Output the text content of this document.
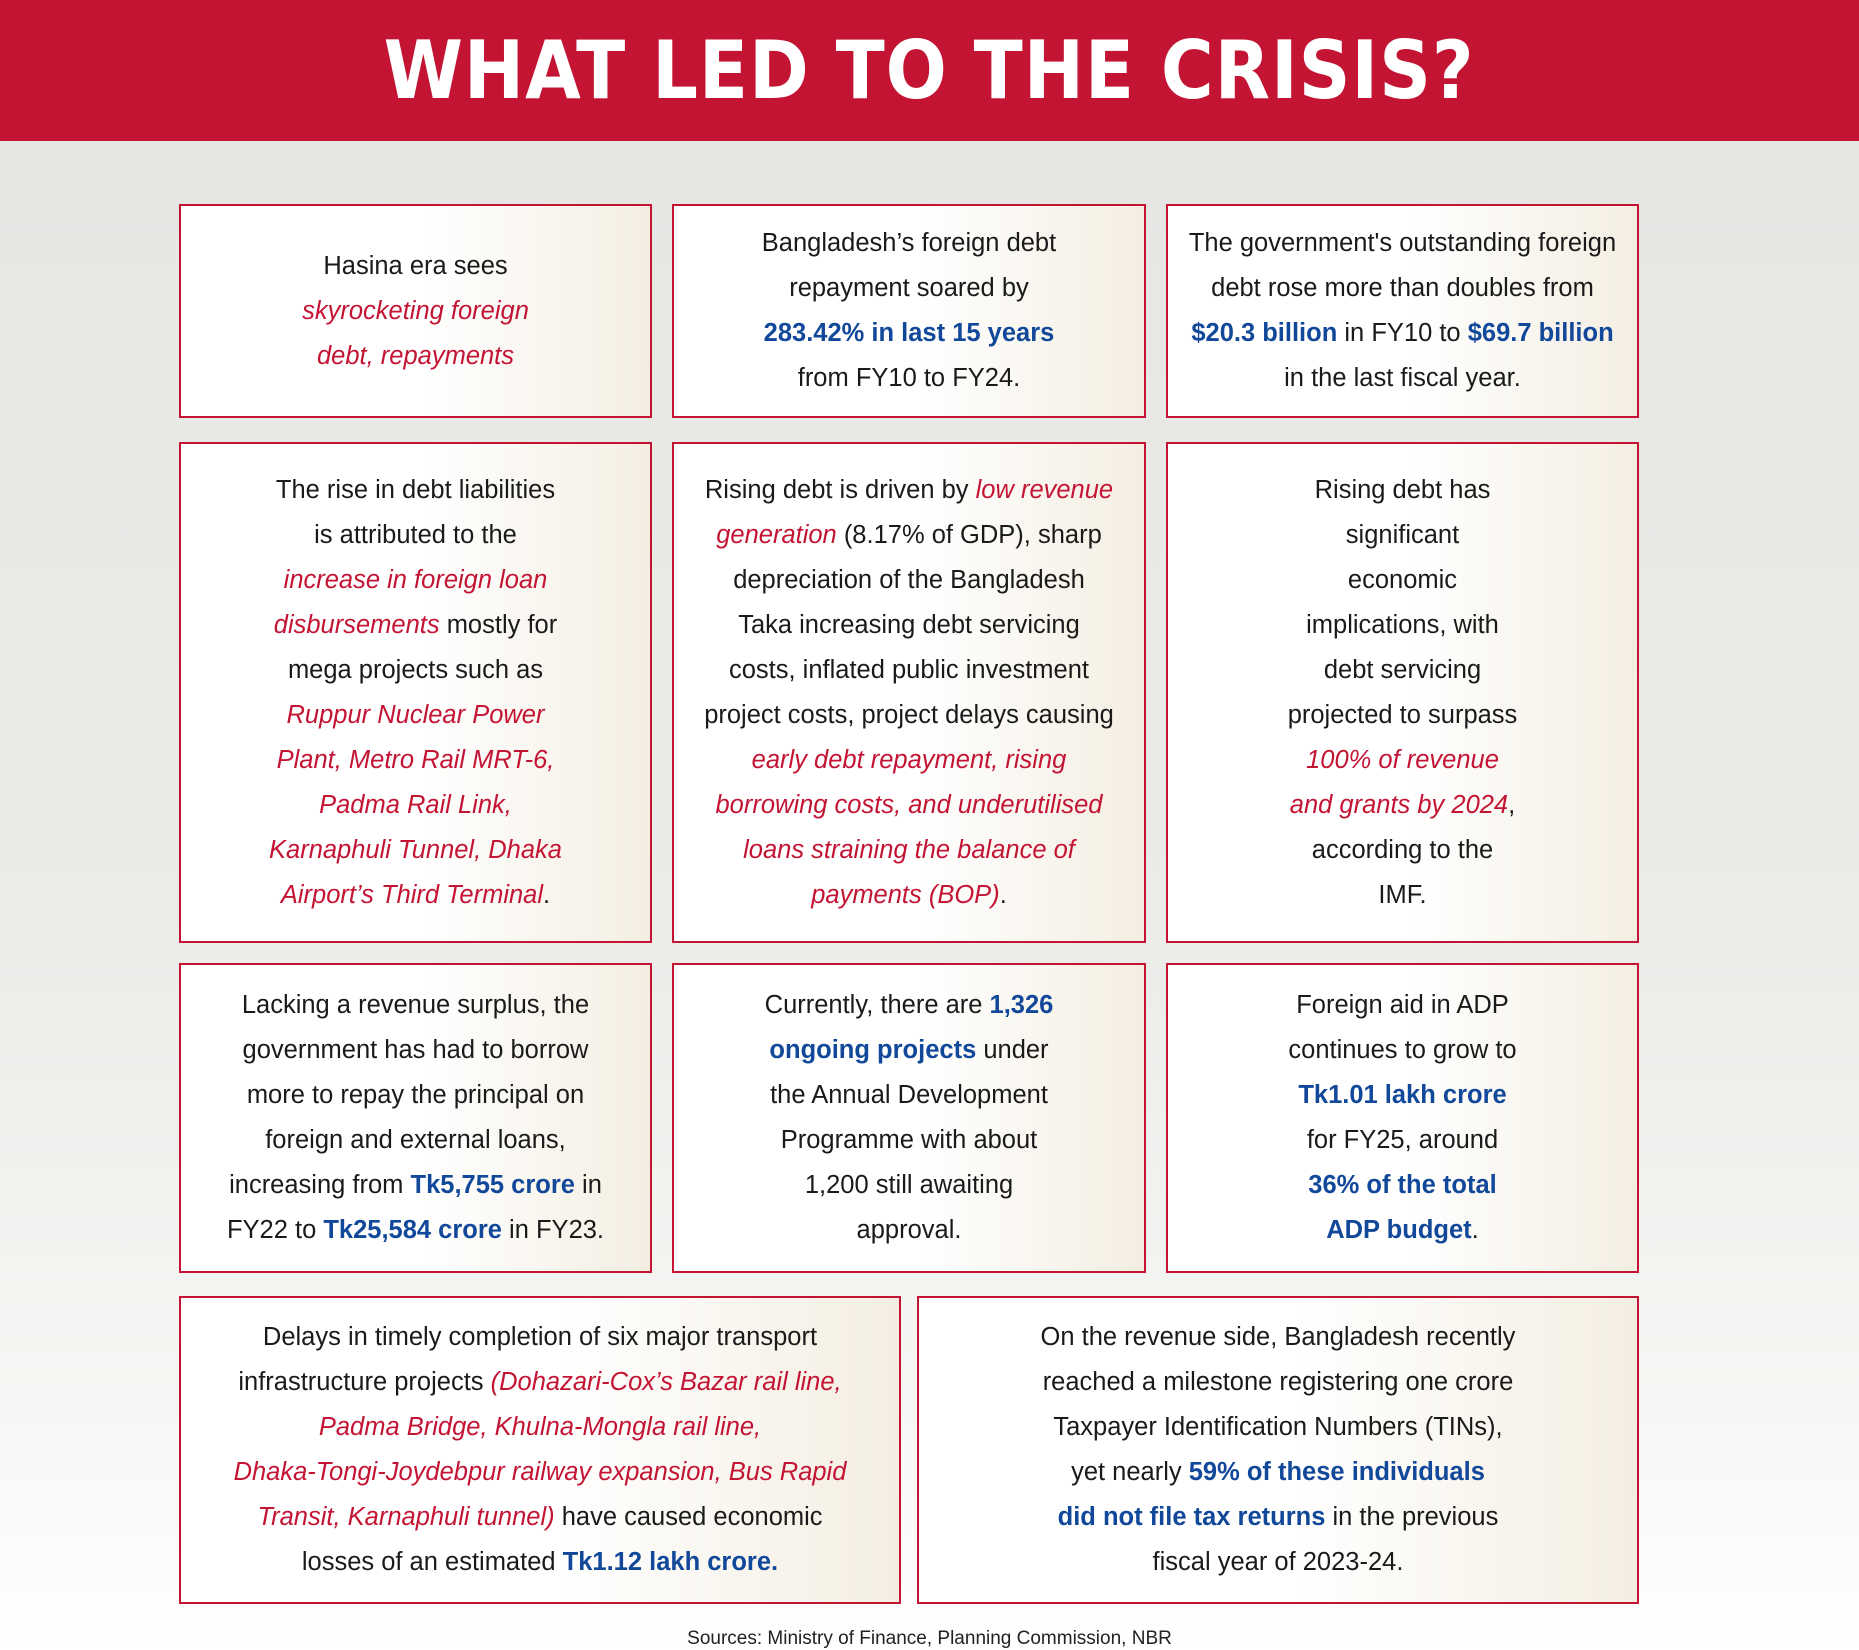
WHAT LED TO THE CRISIS?

Hasina era sees
skyrocketing foreign
debt, repayments

Bangladesh’s foreign debt
repayment soared by
283.42% in last 15 years
from FY10 to FY24.

The government's outstanding foreign
debt rose more than doubles from
$20.3 billion in FY10 to $69.7 billion
in the last fiscal year.

The rise in debt liabilities
is attributed to the
increase in foreign loan
disbursements mostly for
mega projects such as
Ruppur Nuclear Power
Plant, Metro Rail MRT-6,
Padma Rail Link,
Karnaphuli Tunnel, Dhaka
Airport’s Third Terminal.

Rising debt is driven by low revenue
generation (8.17% of GDP), sharp
depreciation of the Bangladesh
Taka increasing debt servicing
costs, inflated public investment
project costs, project delays causing
early debt repayment, rising
borrowing costs, and underutilised
loans straining the balance of
payments (BOP).

Rising debt has
significant
economic
implications, with
debt servicing
projected to surpass
100% of revenue
and grants by 2024,
according to the
IMF.

Lacking a revenue surplus, the
government has had to borrow
more to repay the principal on
foreign and external loans,
increasing from Tk5,755 crore in
FY22 to Tk25,584 crore in FY23.

Currently, there are 1,326
ongoing projects under
the Annual Development
Programme with about
1,200 still awaiting
approval.

Foreign aid in ADP
continues to grow to
Tk1.01 lakh crore
for FY25, around
36% of the total
ADP budget.

Delays in timely completion of six major transport
infrastructure projects (Dohazari-Cox’s Bazar rail line,
Padma Bridge, Khulna-Mongla rail line,
Dhaka-Tongi-Joydebpur railway expansion, Bus Rapid
Transit, Karnaphuli tunnel) have caused economic
losses of an estimated Tk1.12 lakh crore.

On the revenue side, Bangladesh recently
reached a milestone registering one crore
Taxpayer Identification Numbers (TINs),
yet nearly 59% of these individuals
did not file tax returns in the previous
fiscal year of 2023-24.

Sources: Ministry of Finance, Planning Commission, NBR
